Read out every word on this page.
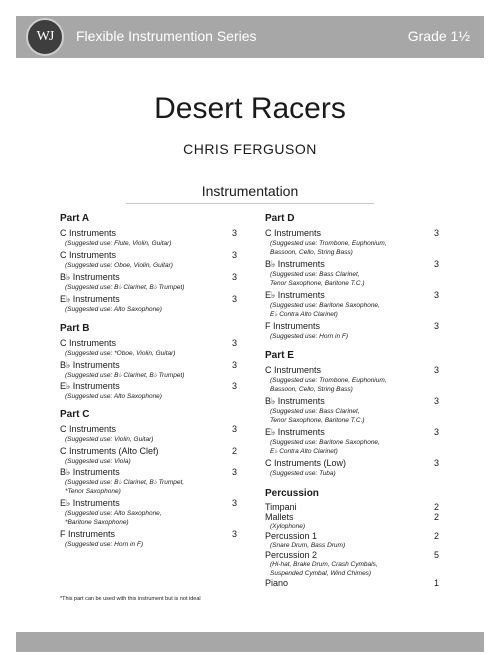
WJ Flexible Instrumention Series	Grade 1½
Desert Racers
CHRIS FERGUSON
Instrumentation
Part A
C Instruments	3
(Suggested use: Flute, Violin, Guitar)
C Instruments	3
(Suggested use: Oboe, Violin, Guitar)
B♭ Instruments	3
(Suggested use: B♭ Clarinet, B♭ Trumpet)
E♭ Instruments	3
(Suggested use: Alto Saxophone)
Part B
C Instruments	3
(Suggested use: *Oboe, Violin, Guitar)
B♭ Instruments	3
(Suggested use: B♭ Clarinet, B♭ Trumpet)
E♭ Instruments	3
(Suggested use: Alto Saxophone)
Part C
C Instruments	3
(Suggested use: Violin, Guitar)
C Instruments (Alto Clef)	2
(Suggested use: Viola)
B♭ Instruments	3
(Suggested use: B♭ Clarinet, B♭ Trumpet,
*Tenor Saxophone)
E♭ Instruments	3
(Suggested use: Alto Saxophone,
*Baritone Saxophone)
F Instruments	3
(Suggested use: Horn in F)
Part D
C Instruments	3
(Suggested use: Trombone, Euphonium,
Bassoon, Cello, String Bass)
B♭ Instruments	3
(Suggested use: Bass Clarinet,
Tenor Saxophone, Baritone T.C.)
E♭ Instruments	3
(Suggested use: Baritone Saxophone,
E♭ Contra Alto Clarinet)
F Instruments	3
(Suggested use: Horn in F)
Part E
C Instruments	3
(Suggested use: Trombone, Euphonium,
Bassoon, Cello, String Bass)
B♭ Instruments	3
(Suggested use: Bass Clarinet,
Tenor Saxophone, Baritone T.C.)
E♭ Instruments	3
(Suggested use: Baritone Saxophone,
E♭ Contra Alto Clarinet)
C Instruments (Low)	3
(Suggested use: Tuba)
Percussion
Timpani	2
Mallets	2
(Xylophone)
Percussion 1	2
(Snare Drum, Bass Drum)
Percussion 2	5
(Hi-hat, Brake Drum, Crash Cymbals,
Suspended Cymbal, Wind Chimes)
Piano	1
*This part can be used with this instrument but is not ideal
